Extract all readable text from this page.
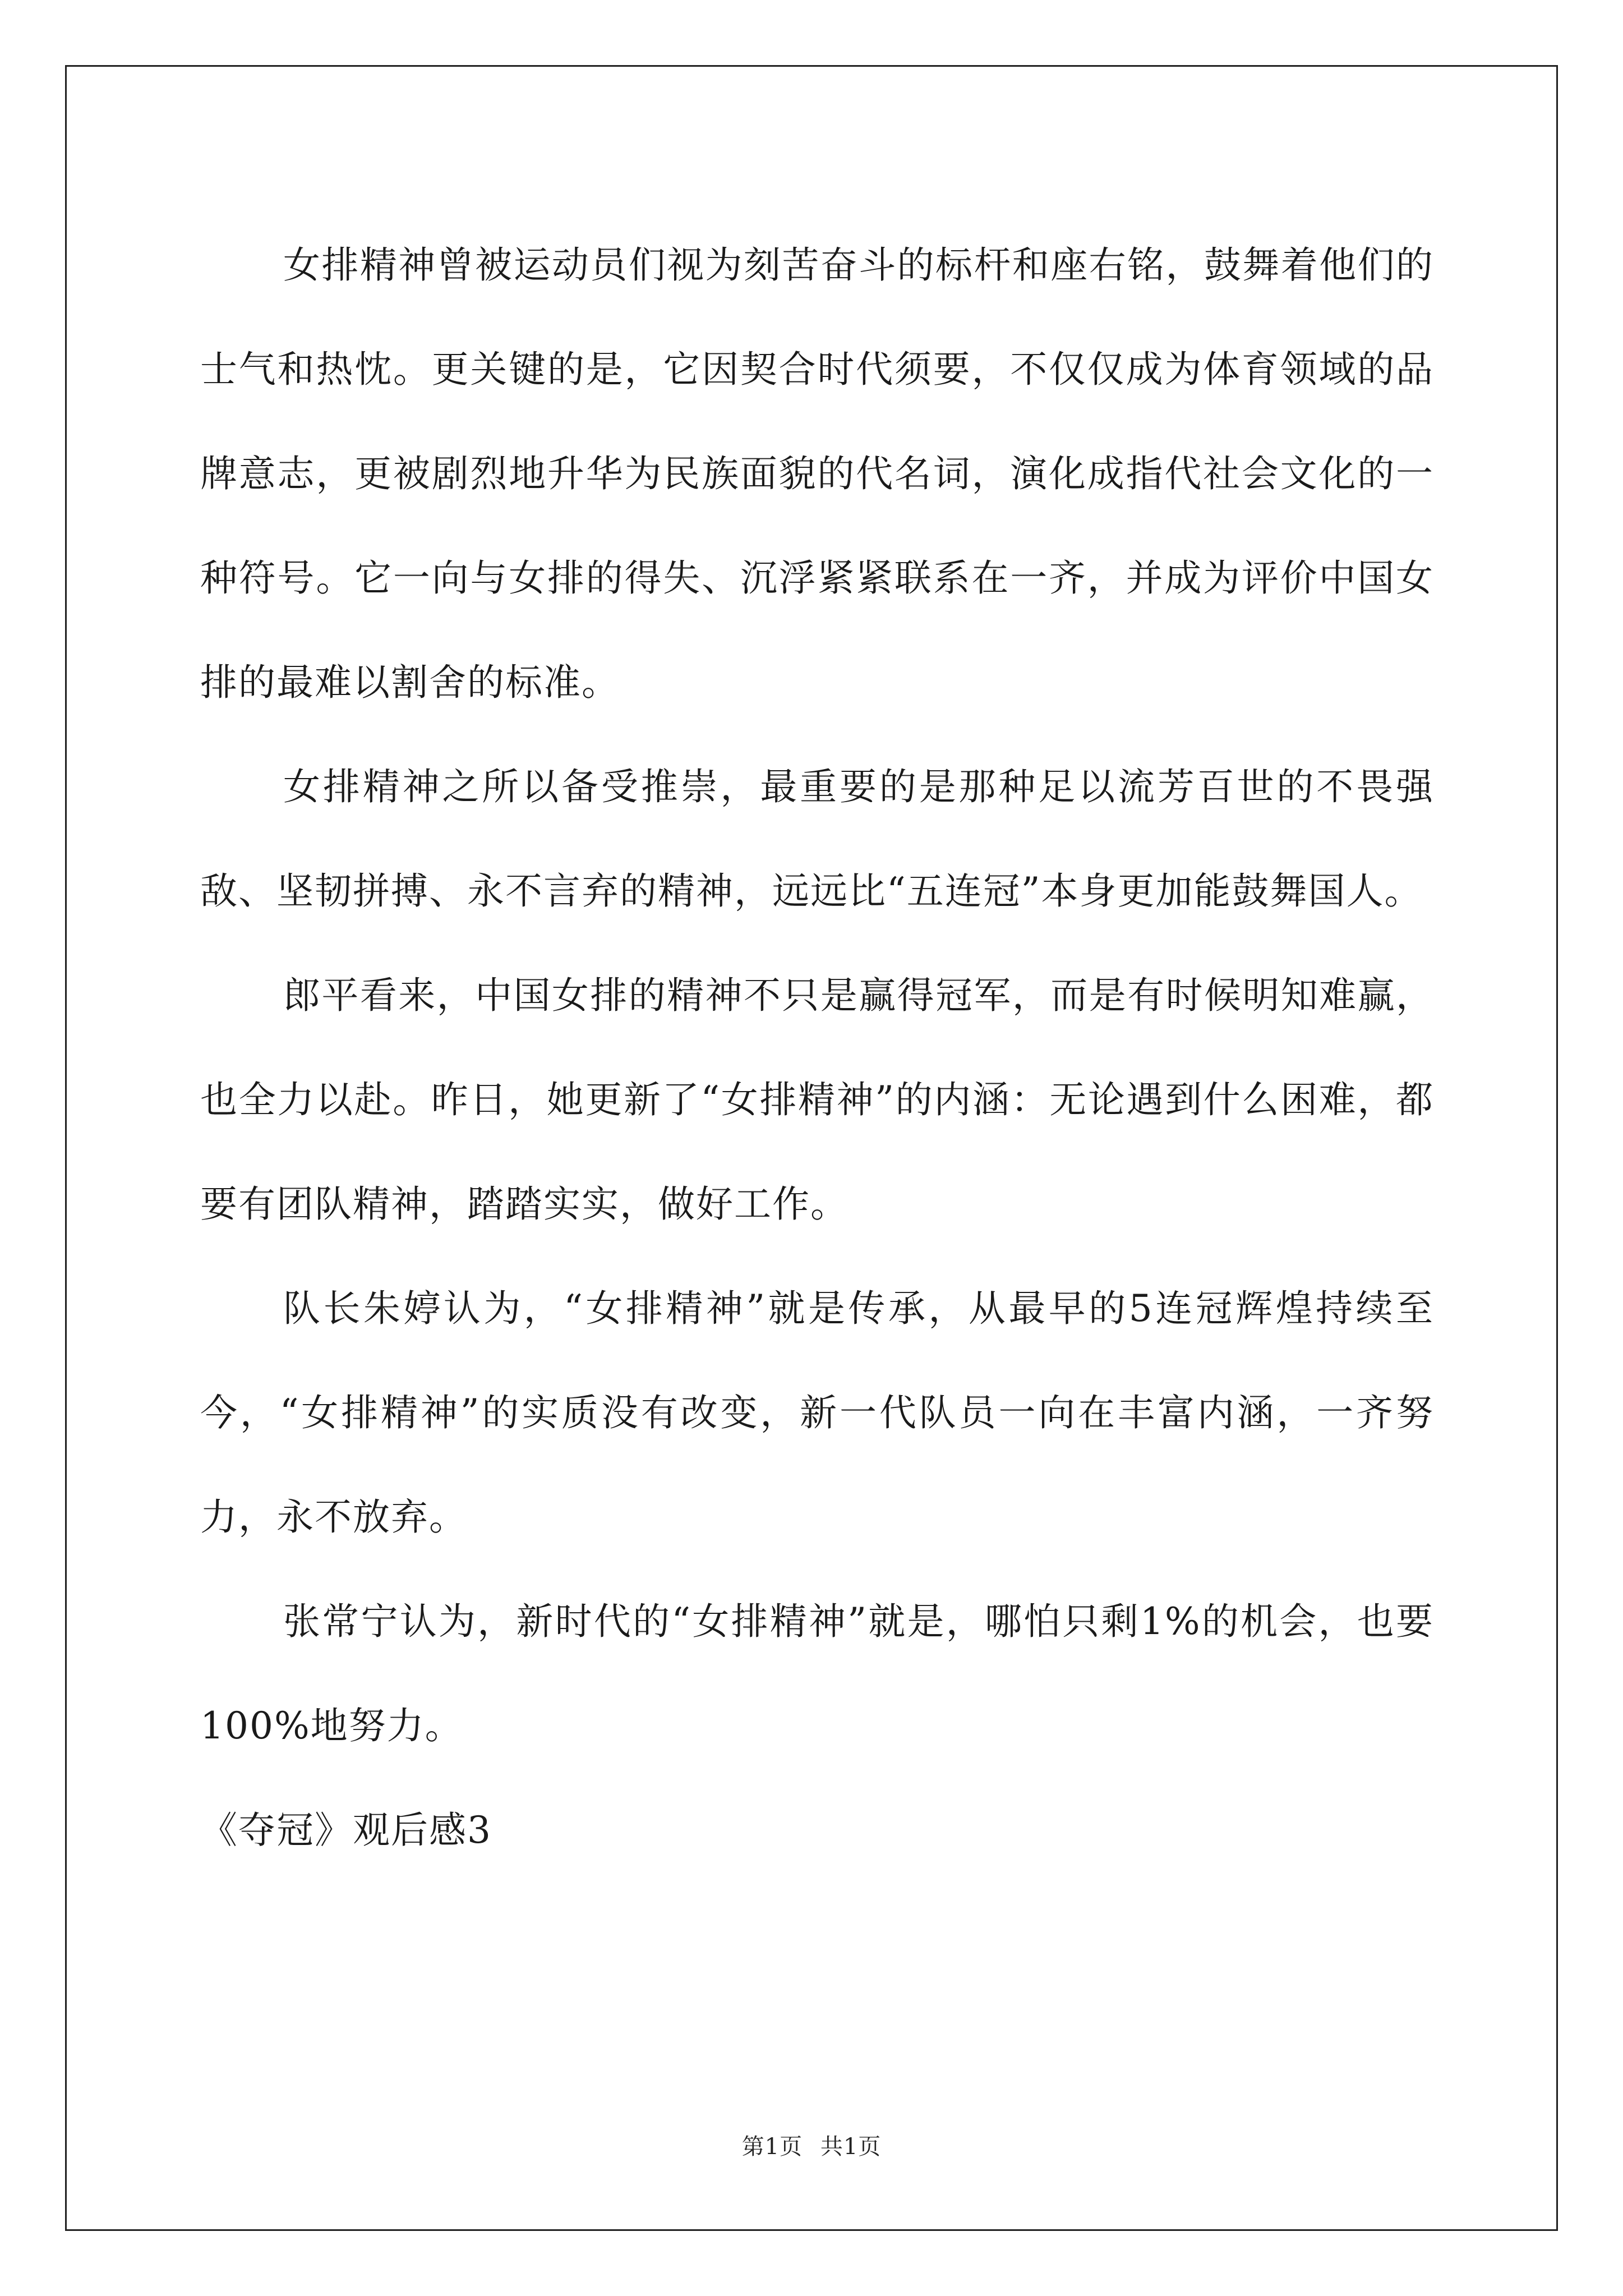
女排精神曾被运动员们视为刻苦奋斗的标杆和座右铭，鼓舞着他们的士气和热忱。更关键的是，它因契合时代须要，不仅仅成为体育领域的品牌意志，更被剧烈地升华为民族面貌的代名词，演化成指代社会文化的一种符号。它一向与女排的得失、沉浮紧紧联系在一齐，并成为评价中国女排的最难以割舍的标准。

女排精神之所以备受推崇，最重要的是那种足以流芳百世的不畏强敌、坚韧拼搏、永不言弃的精神，远远比“五连冠”本身更加能鼓舞国人。

郎平看来，中国女排的精神不只是赢得冠军，而是有时候明知难赢，也全力以赴。昨日，她更新了“女排精神”的内涵：无论遇到什么困难，都要有团队精神，踏踏实实，做好工作。

队长朱婷认为，“女排精神”就是传承，从最早的5连冠辉煌持续至今，“女排精神”的实质没有改变，新一代队员一向在丰富内涵，一齐努力，永不放弃。

张常宁认为，新时代的“女排精神”就是，哪怕只剩1%的机会，也要100%地努力。

《夺冠》观后感3

第1页 共1页
